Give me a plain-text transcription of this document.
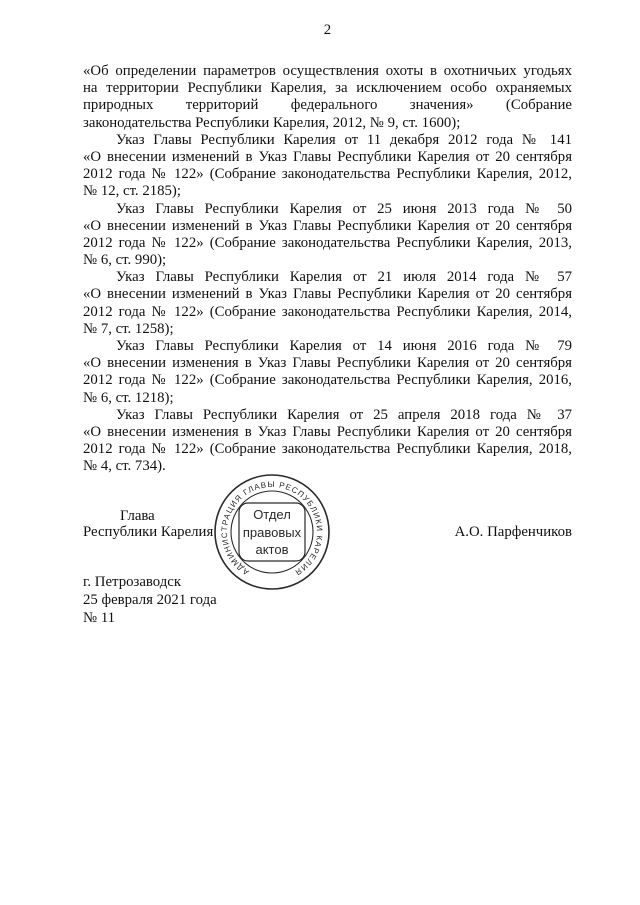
2
«Об определении параметров осуществления охоты в охотничьих угодьях
на территории Республики Карелия, за исключением особо охраняемых
природных территорий федерального значения» (Собрание
законодательства Республики Карелия, 2012, № 9, ст. 1600);
Указ Главы Республики Карелия от 11 декабря 2012 года № 141
«О внесении изменений в Указ Главы Республики Карелия от 20 сентября
2012 года № 122» (Собрание законодательства Республики Карелия, 2012,
№ 12, ст. 2185);
Указ Главы Республики Карелия от 25 июня 2013 года № 50
«О внесении изменений в Указ Главы Республики Карелия от 20 сентября
2012 года № 122» (Собрание законодательства Республики Карелия, 2013,
№ 6, ст. 990);
Указ Главы Республики Карелия от 21 июля 2014 года № 57
«О внесении изменений в Указ Главы Республики Карелия от 20 сентября
2012 года № 122» (Собрание законодательства Республики Карелия, 2014,
№ 7, ст. 1258);
Указ Главы Республики Карелия от 14 июня 2016 года № 79
«О внесении изменения в Указ Главы Республики Карелия от 20 сентября
2012 года № 122» (Собрание законодательства Республики Карелия, 2016,
№ 6, ст. 1218);
Указ Главы Республики Карелия от 25 апреля 2018 года № 37
«О внесении изменения в Указ Главы Республики Карелия от 20 сентября
2012 года № 122» (Собрание законодательства Республики Карелия, 2018,
№ 4, ст. 734).
Глава
Республики Карелия	А.О. Парфенчиков
АДМИНИСТРАЦИЯ ГЛАВЫ РЕСПУБЛИКИ КАРЕЛИЯ
Отдел
правовых
актов
г. Петрозаводск
25 февраля 2021 года
№ 11
